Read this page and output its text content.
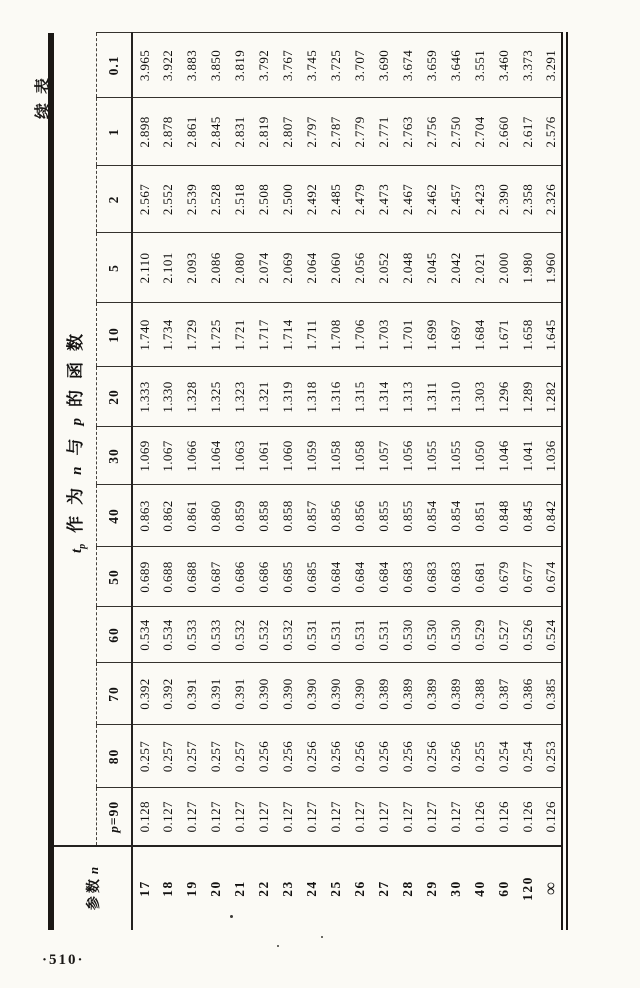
续表
参数n	$t_p$作为n与p的函数												
	p=90	80	70	60	50	40	30	20	10	5	2	1	0.1
17	0.128	0.257	0.392	0.534	0.689	0.863	1.069	1.333	1.740	2.110	2.567	2.898	3.965
18	0.127	0.257	0.392	0.534	0.688	0.862	1.067	1.330	1.734	2.101	2.552	2.878	3.922
19	0.127	0.257	0.391	0.533	0.688	0.861	1.066	1.328	1.729	2.093	2.539	2.861	3.883
20	0.127	0.257	0.391	0.533	0.687	0.860	1.064	1.325	1.725	2.086	2.528	2.845	3.850
21	0.127	0.257	0.391	0.532	0.686	0.859	1.063	1.323	1.721	2.080	2.518	2.831	3.819
22	0.127	0.256	0.390	0.532	0.686	0.858	1.061	1.321	1.717	2.074	2.508	2.819	3.792
23	0.127	0.256	0.390	0.532	0.685	0.858	1.060	1.319	1.714	2.069	2.500	2.807	3.767
24	0.127	0.256	0.390	0.531	0.685	0.857	1.059	1.318	1.711	2.064	2.492	2.797	3.745
25	0.127	0.256	0.390	0.531	0.684	0.856	1.058	1.316	1.708	2.060	2.485	2.787	3.725
26	0.127	0.256	0.390	0.531	0.684	0.856	1.058	1.315	1.706	2.056	2.479	2.779	3.707
27	0.127	0.256	0.389	0.531	0.684	0.855	1.057	1.314	1.703	2.052	2.473	2.771	3.690
28	0.127	0.256	0.389	0.530	0.683	0.855	1.056	1.313	1.701	2.048	2.467	2.763	3.674
29	0.127	0.256	0.389	0.530	0.683	0.854	1.055	1.311	1.699	2.045	2.462	2.756	3.659
30	0.127	0.256	0.389	0.530	0.683	0.854	1.055	1.310	1.697	2.042	2.457	2.750	3.646
40	0.126	0.255	0.388	0.529	0.681	0.851	1.050	1.303	1.684	2.021	2.423	2.704	3.551
60	0.126	0.254	0.387	0.527	0.679	0.848	1.046	1.296	1.671	2.000	2.390	2.660	3.460
120	0.126	0.254	0.386	0.526	0.677	0.845	1.041	1.289	1.658	1.980	2.358	2.617	3.373
∞	0.126	0.253	0.385	0.524	0.674	0.842	1.036	1.282	1.645	1.960	2.326	2.576	3.291
·510·
